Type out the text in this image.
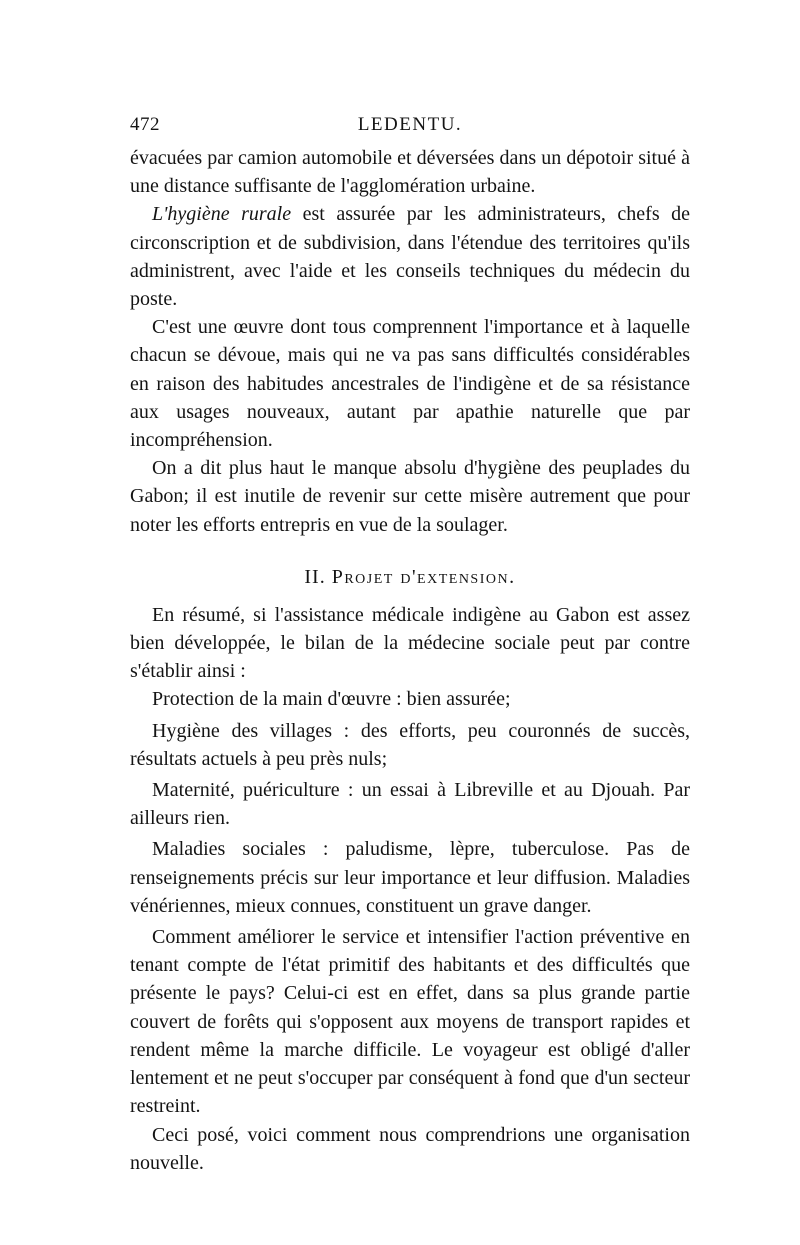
472	LEDENTU.

évacuées par camion automobile et déversées dans un dépotoir situé à une distance suffisante de l'agglomération urbaine.

L'hygiène rurale est assurée par les administrateurs, chefs de circonscription et de subdivision, dans l'étendue des territoires qu'ils administrent, avec l'aide et les conseils techniques du médecin du poste.

C'est une œuvre dont tous comprennent l'importance et à laquelle chacun se dévoue, mais qui ne va pas sans difficultés considérables en raison des habitudes ancestrales de l'indigène et de sa résistance aux usages nouveaux, autant par apathie naturelle que par incompréhension.

On a dit plus haut le manque absolu d'hygiène des peuplades du Gabon; il est inutile de revenir sur cette misère autrement que pour noter les efforts entrepris en vue de la soulager.

II. Projet d'extension.

En résumé, si l'assistance médicale indigène au Gabon est assez bien développée, le bilan de la médecine sociale peut par contre s'établir ainsi :

Protection de la main d'œuvre : bien assurée;

Hygiène des villages : des efforts, peu couronnés de succès, résultats actuels à peu près nuls;

Maternité, puériculture : un essai à Libreville et au Djouah. Par ailleurs rien.

Maladies sociales : paludisme, lèpre, tuberculose. Pas de renseignements précis sur leur importance et leur diffusion. Maladies vénériennes, mieux connues, constituent un grave danger.

Comment améliorer le service et intensifier l'action préventive en tenant compte de l'état primitif des habitants et des difficultés que présente le pays? Celui-ci est en effet, dans sa plus grande partie couvert de forêts qui s'opposent aux moyens de transport rapides et rendent même la marche difficile. Le voyageur est obligé d'aller lentement et ne peut s'occuper par conséquent à fond que d'un secteur restreint.

Ceci posé, voici comment nous comprendrions une organisation nouvelle.
